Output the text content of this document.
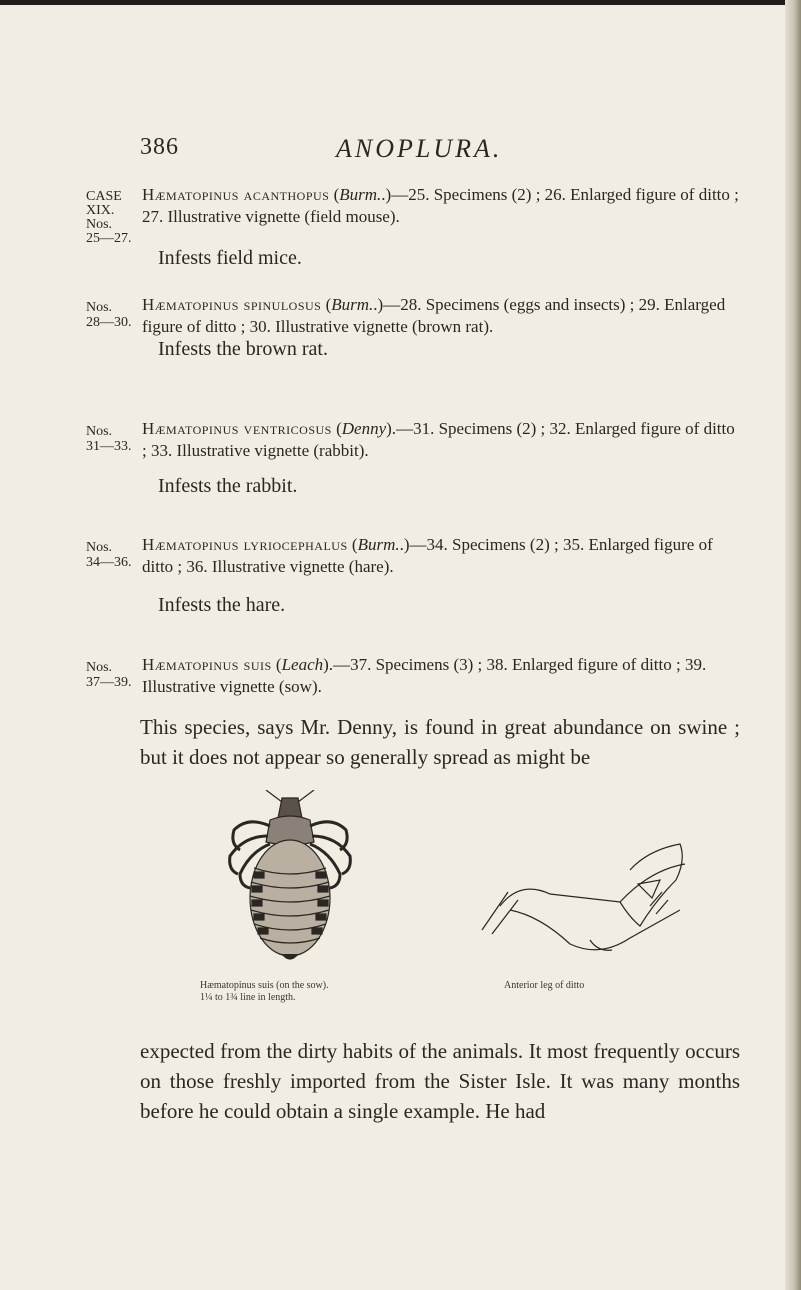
386	ANOPLURA.
CASE
XIX.
Nos.
25—27.
Hæmatopinus acanthopus (Burm..)—25. Specimens (2) ; 26. Enlarged figure of ditto ; 27. Illustrative vignette (field mouse).
Infests field mice.
Nos.
28—30.
Hæmatopinus spinulosus (Burm..)—28. Specimens (eggs and insects) ; 29. Enlarged figure of ditto ; 30. Illustrative vignette (brown rat).
Infests the brown rat.
Nos.
31—33.
Hæmatopinus ventricosus (Denny).—31. Specimens (2) ; 32. Enlarged figure of ditto ; 33. Illustrative vignette (rabbit).
Infests the rabbit.
Nos.
34—36.
Hæmatopinus lyriocephalus (Burm..)—34. Specimens (2) ; 35. Enlarged figure of ditto ; 36. Illustrative vignette (hare).
Infests the hare.
Nos.
37—39.
Hæmatopinus suis (Leach).—37. Specimens (3) ; 38. Enlarged figure of ditto ; 39. Illustrative vignette (sow).
This species, says Mr. Denny, is found in great abundance on swine ; but it does not appear so generally spread as might be
Hæmatopinus suis (on the sow).
1¼ to 1¾ line in length.
Anterior leg of ditto
expected from the dirty habits of the animals. It most frequently occurs on those freshly imported from the Sister Isle. It was many months before he could obtain a single example. He had
